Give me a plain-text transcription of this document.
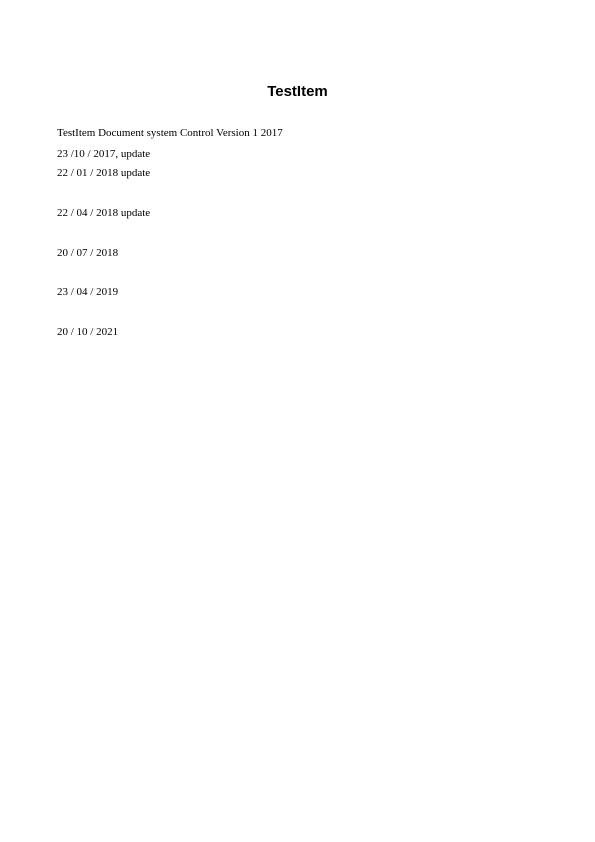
TestItem
TestItem Document system Control Version 1 2017
23 /10 / 2017, update
22 / 01 / 2018 update
22 / 04 / 2018 update
20 / 07 / 2018
23 / 04 / 2019
20 / 10 / 2021
